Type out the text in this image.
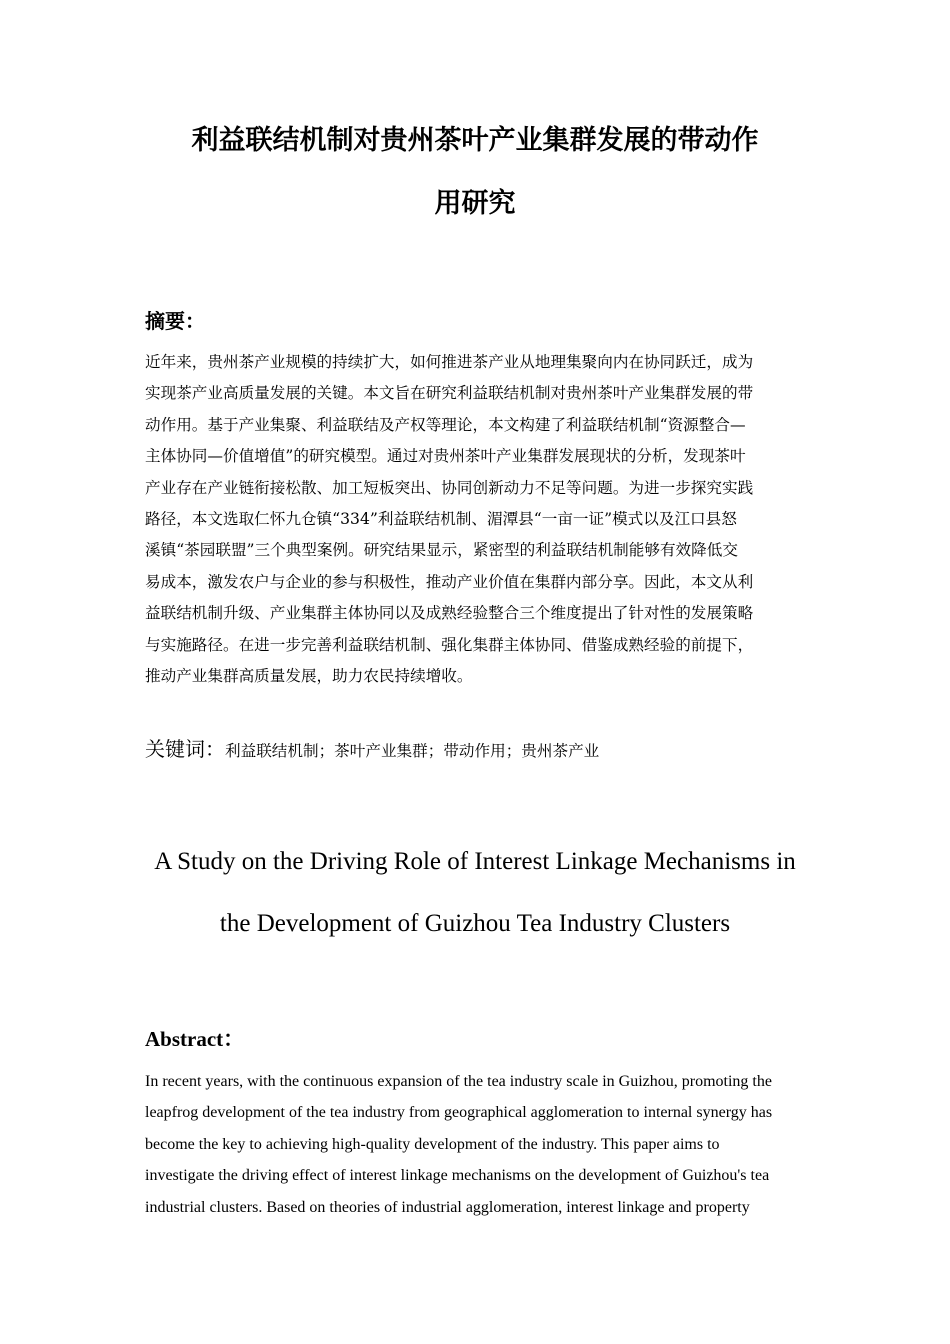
利益联结机制对贵州茶叶产业集群发展的带动作
用研究
摘要：
近年来，贵州茶产业规模的持续扩大，如何推进茶产业从地理集聚向内在协同跃迁，成为
实现茶产业高质量发展的关键。本文旨在研究利益联结机制对贵州茶叶产业集群发展的带
动作用。基于产业集聚、利益联结及产权等理论，本文构建了利益联结机制“资源整合—
主体协同—价值增值”的研究模型。通过对贵州茶叶产业集群发展现状的分析，发现茶叶
产业存在产业链衔接松散、加工短板突出、协同创新动力不足等问题。为进一步探究实践
路径，本文选取仁怀九仓镇“334”利益联结机制、湄潭县“一亩一证”模式以及江口县怒
溪镇“茶园联盟”三个典型案例。研究结果显示，紧密型的利益联结机制能够有效降低交
易成本，激发农户与企业的参与积极性，推动产业价值在集群内部分享。因此，本文从利
益联结机制升级、产业集群主体协同以及成熟经验整合三个维度提出了针对性的发展策略
与实施路径。在进一步完善利益联结机制、强化集群主体协同、借鉴成熟经验的前提下，
推动产业集群高质量发展，助力农民持续增收。
关键词：利益联结机制；茶叶产业集群；带动作用；贵州茶产业
A Study on the Driving Role of Interest Linkage Mechanisms in
the Development of Guizhou Tea Industry Clusters
Abstract：
In recent years, with the continuous expansion of the tea industry scale in Guizhou, promoting the
leapfrog development of the tea industry from geographical agglomeration to internal synergy has
become the key to achieving high-quality development of the industry. This paper aims to
investigate the driving effect of interest linkage mechanisms on the development of Guizhou's tea
industrial clusters. Based on theories of industrial agglomeration, interest linkage and property
